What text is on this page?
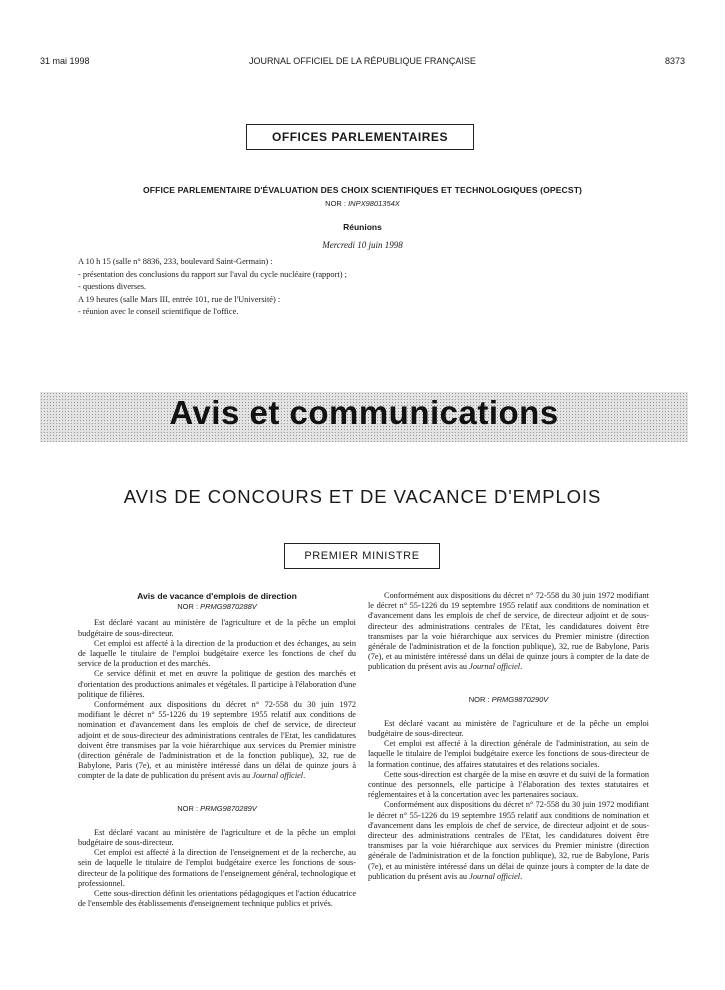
31 mai 1998	JOURNAL OFFICIEL DE LA RÉPUBLIQUE FRANÇAISE	8373
OFFICES PARLEMENTAIRES
OFFICE PARLEMENTAIRE D'ÉVALUATION DES CHOIX SCIENTIFIQUES ET TECHNOLOGIQUES (OPECST)
NOR : INPX9801354X
Réunions
Mercredi 10 juin 1998
A 10 h 15 (salle n° 8836, 233, boulevard Saint-Germain) :
- présentation des conclusions du rapport sur l'aval du cycle nucléaire (rapport) ;
- questions diverses.
A 19 heures (salle Mars III, entrée 101, rue de l'Université) :
- réunion avec le conseil scientifique de l'office.
Avis et communications
AVIS DE CONCOURS ET DE VACANCE D'EMPLOIS
PREMIER MINISTRE
Avis de vacance d'emplois de direction
NOR : PRMG9870288V

Est déclaré vacant au ministère de l'agriculture et de la pêche un emploi budgétaire de sous-directeur.

Cet emploi est affecté à la direction de la production et des échanges, au sein de laquelle le titulaire de l'emploi budgétaire exerce les fonctions de chef du service de la production et des marchés.

Ce service définit et met en œuvre la politique de gestion des marchés et d'orientation des productions animales et végétales. Il participe à l'élaboration d'une politique de filières.

Conformément aux dispositions du décret n° 72-558 du 30 juin 1972 modifiant le décret n° 55-1226 du 19 septembre 1955 relatif aux conditions de nomination et d'avancement dans les emplois de chef de service, de directeur adjoint et de sous-directeur des administrations centrales de l'Etat, les candidatures doivent être transmises par la voie hiérarchique aux services du Premier ministre (direction générale de l'administration et de la fonction publique), 32, rue de Babylone, Paris (7e), et au ministère intéressé dans un délai de quinze jours à compter de la date de publication du présent avis au Journal officiel.

NOR : PRMG9870289V

Est déclaré vacant au ministère de l'agriculture et de la pêche un emploi budgétaire de sous-directeur.

Cet emploi est affecté à la direction de l'enseignement et de la recherche, au sein de laquelle le titulaire de l'emploi budgétaire exerce les fonctions de sous-directeur de la politique des formations de l'enseignement général, technologique et professionnel.

Cette sous-direction définit les orientations pédagogiques et l'action éducatrice de l'ensemble des établissements d'enseignement technique publics et privés.

Conformément aux dispositions du décret n° 72-558 du 30 juin 1972 modifiant le décret n° 55-1226 du 19 septembre 1955 relatif aux conditions de nomination et d'avancement dans les emplois de chef de service, de directeur adjoint et de sous-directeur des administrations centrales de l'Etat, les candidatures doivent être transmises par la voie hiérarchique aux services du Premier ministre (direction générale de l'administration et de la fonction publique), 32, rue de Babylone, Paris (7e), et au ministère intéressé dans un délai de quinze jours à compter de la date de publication du présent avis au Journal officiel.

NOR : PRMG9870290V

Est déclaré vacant au ministère de l'agriculture et de la pêche un emploi budgétaire de sous-directeur.

Cet emploi est affecté à la direction générale de l'administration, au sein de laquelle le titulaire de l'emploi budgétaire exerce les fonctions de sous-directeur de la formation continue, des affaires statutaires et des relations sociales.

Cette sous-direction est chargée de la mise en œuvre et du suivi de la formation continue des personnels, elle participe à l'élaboration des textes statutaires et réglementaires et à la concertation avec les partenaires sociaux.

Conformément aux dispositions du décret n° 72-558 du 30 juin 1972 modifiant le décret n° 55-1226 du 19 septembre 1955 relatif aux conditions de nomination et d'avancement dans les emplois de chef de service, de directeur adjoint et de sous-directeur des administrations centrales de l'Etat, les candidatures doivent être transmises par la voie hiérarchique aux services du Premier ministre (direction générale de l'administration et de la fonction publique), 32, rue de Babylone, Paris (7e), et au ministère intéressé dans un délai de quinze jours à compter de la date de publication du présent avis au Journal officiel.
